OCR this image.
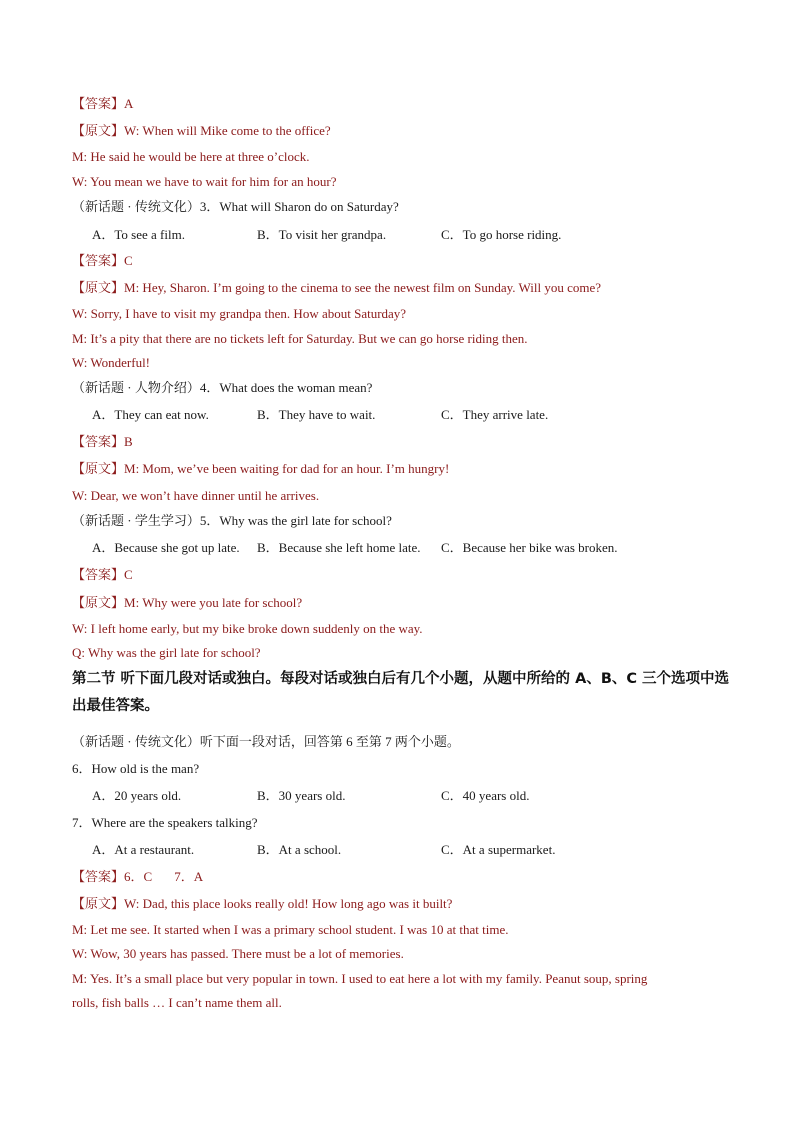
【答案】A
【原文】W: When will Mike come to the office?
M: He said he would be here at three o’clock.
W: You mean we have to wait for him for an hour?
（新话题 · 传统文化）3．What will Sharon do on Saturday?
A．To see a film.	B．To visit her grandpa.	C．To go horse riding.
【答案】C
【原文】M: Hey, Sharon. I’m going to the cinema to see the newest film on Sunday. Will you come?
W: Sorry, I have to visit my grandpa then. How about Saturday?
M: It’s a pity that there are no tickets left for Saturday. But we can go horse riding then.
W: Wonderful!
（新话题 · 人物介绍）4．What does the woman mean?
A．They can eat now.	B．They have to wait.	C．They arrive late.
【答案】B
【原文】M: Mom, we’ve been waiting for dad for an hour. I’m hungry!
W: Dear, we won’t have dinner until he arrives.
（新话题 · 学生学习）5．Why was the girl late for school?
A．Because she got up late. B．Because she left home late. C．Because her bike was broken.
【答案】C
【原文】M: Why were you late for school?
W: I left home early, but my bike broke down suddenly on the way.
Q: Why was the girl late for school?
第二节 听下面几段对话或独白。每段对话或独白后有几个小题，从题中所给的 A、B、C 三个选项中选出最佳答案。
（新话题 · 传统文化）听下面一段对话，回答第 6 至第 7 两个小题。
6．How old is the man?
A．20 years old.	B．30 years old.	C．40 years old.
7．Where are the speakers talking?
A．At a restaurant.	B．At a school.	C．At a supermarket.
【答案】6．C 7．A
【原文】W: Dad, this place looks really old! How long ago was it built?
M: Let me see. It started when I was a primary school student. I was 10 at that time.
W: Wow, 30 years has passed. There must be a lot of memories.
M: Yes. It’s a small place but very popular in town. I used to eat here a lot with my family. Peanut soup, spring
rolls, fish balls … I can’t name them all.
